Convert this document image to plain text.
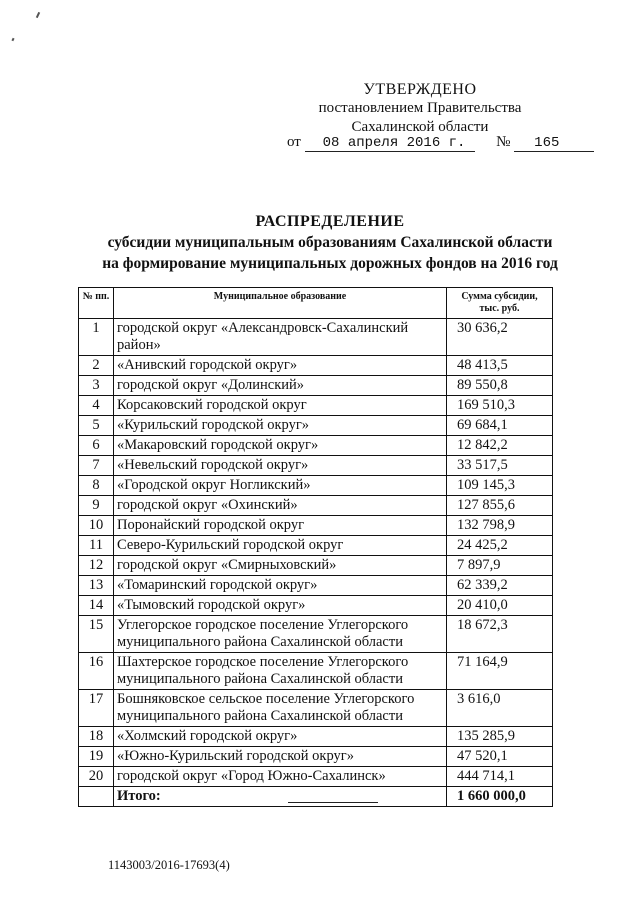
УТВЕРЖДЕНО
постановлением Правительства
Сахалинской области
от 08 апреля 2016 г. № 165
РАСПРЕДЕЛЕНИЕ
субсидии муниципальным образованиям Сахалинской области
на формирование муниципальных дорожных фондов на 2016 год
№ пп.	Муниципальное образование	Сумма субсидии,
тыс. руб.

1	городской округ «Александровск-Сахалинский район»	30 636,2
2	«Анивский городской округ»	48 413,5
3	городской округ «Долинский»	89 550,8
4	Корсаковский городской округ	169 510,3
5	«Курильский городской округ»	69 684,1
6	«Макаровский городской округ»	12 842,2
7	«Невельский городской округ»	33 517,5
8	«Городской округ Ногликский»	109 145,3
9	городской округ «Охинский»	127 855,6
10	Поронайский городской округ	132 798,9
11	Северо-Курильский городской округ	24 425,2
12	городской округ «Смирныховский»	7 897,9
13	«Томаринский городской округ»	62 339,2
14	«Тымовский городской округ»	20 410,0
15	Углегорское городское поселение Углегорского муниципального района Сахалинской области	18 672,3
16	Шахтерское городское поселение Углегорского муниципального района Сахалинской области	71 164,9
17	Бошняковское сельское поселение Углегорского муниципального района Сахалинской области	3 616,0
18	«Холмский городской округ»	135 285,9
19	«Южно-Курильский городской округ»	47 520,1
20	городской округ «Город Южно-Сахалинск»	444 714,1
	Итого:	1 660 000,0
1143003/2016-17693(4)
